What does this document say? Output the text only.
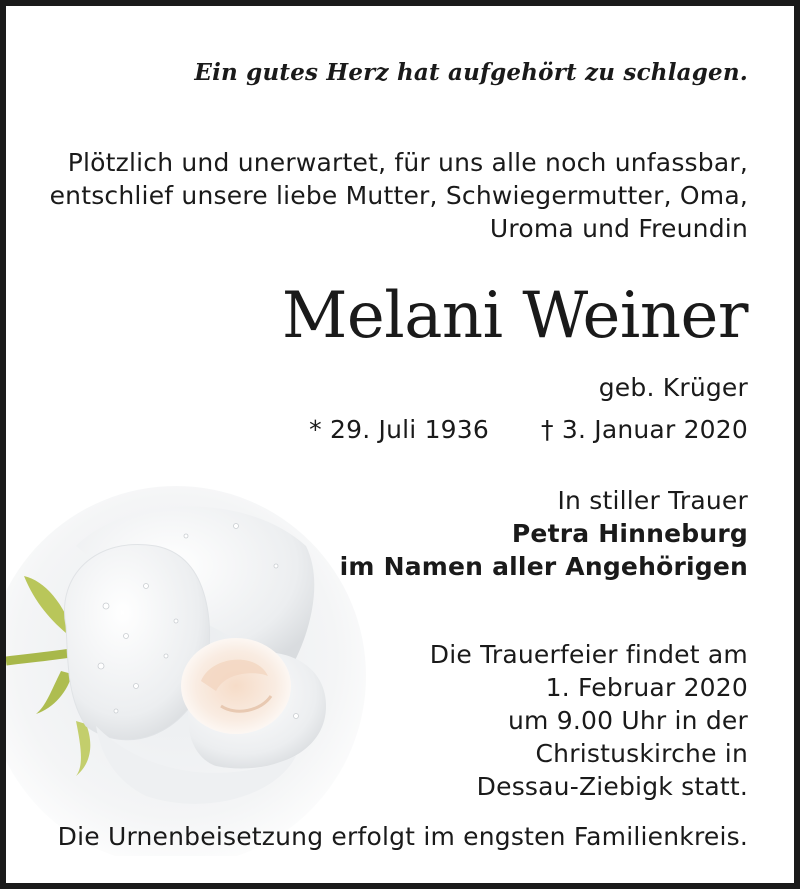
Ein gutes Herz hat aufgehört zu schlagen.
Plötzlich und unerwartet, für uns alle noch unfassbar,
entschlief unsere liebe Mutter, Schwiegermutter, Oma,
Uroma und Freundin
Melani Weiner
geb. Krüger
* 29. Juli 1936 † 3. Januar 2020
In stiller Trauer
Petra Hinneburg
im Namen aller Angehörigen
Die Trauerfeier findet am
1. Februar 2020
um 9.00 Uhr in der
Christuskirche in
Dessau-Ziebigk statt.
Die Urnenbeisetzung erfolgt im engsten Familienkreis.
